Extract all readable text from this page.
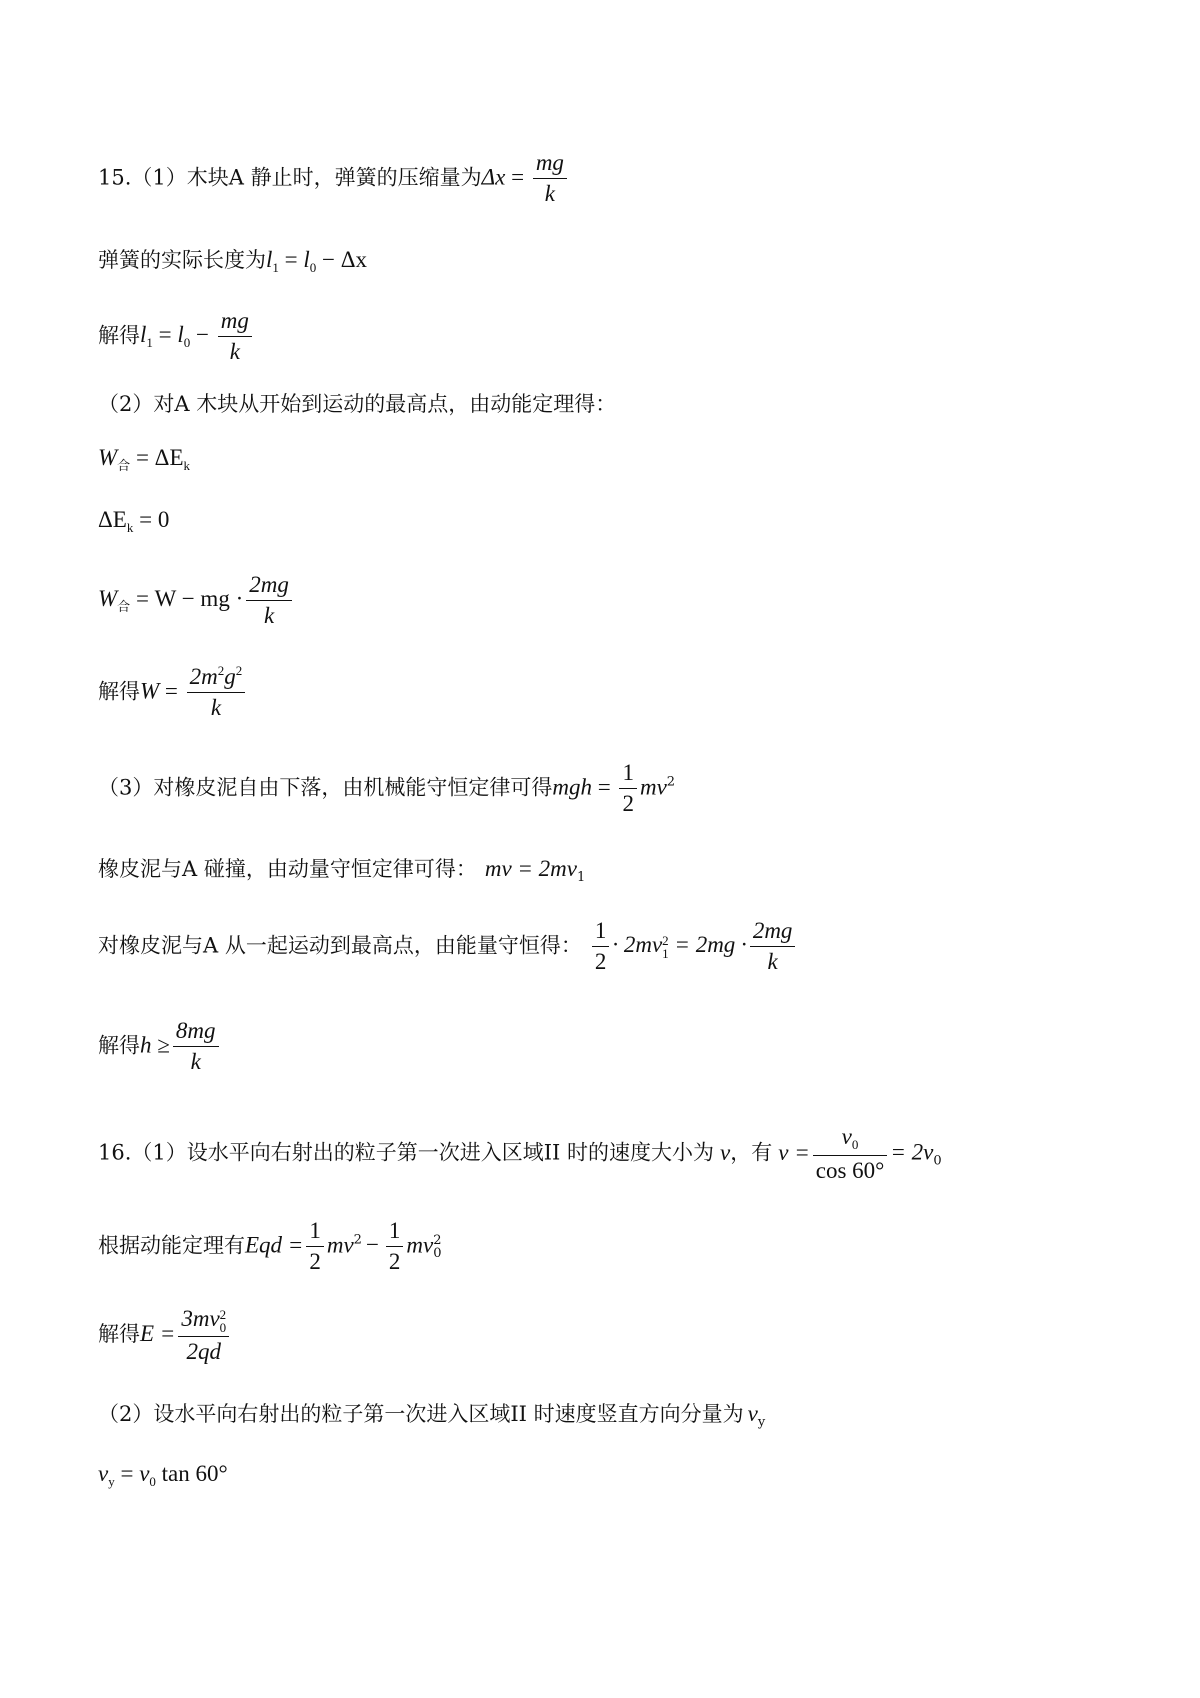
15.（1）木块A 静止时，弹簧的压缩量为$\Delta x = \frac{mg}{k}$
弹簧的实际长度为$l_1 = l_0 - \Delta x$
解得$l_1 = l_0 - \frac{mg}{k}$
（2）对A 木块从开始到运动的最高点，由动能定理得：
$W_合 = \Delta E_k$
$\Delta E_k = 0$
$W_合 = W$ − mg · $\frac{2mg}{k}$
解得$W = \frac{2m^2g^2}{k}$
（3）对橡皮泥自由下落，由机械能守恒定律可得mgh = $\frac{1}{2} mv^2$
橡皮泥与A 碰撞，由动量守恒定律可得： mv = $2mv_1$
对橡皮泥与A 从一起运动到最高点，由能量守恒得： $\frac{1}{2} \cdot 2mv$ 2
$1 = 2mg \cdot \frac{2mg}{k}$
解得$h \ge \frac{8mg}{k}$
16.（1）设水平向右射出的粒子第一次进入区域II 时的速度大小为 v，有 $v = \frac{v_0}{\cos 60^\circ} = 2v_0$
根据动能定理有Eqd = $\frac{1}{2} mv^2 - \frac{1}{2}$ mv 2
0
解得E = 3mv 2
0
2qd
（2）设水平向右射出的粒子第一次进入区域II 时速度竖直方向分量为 $v_y$
$v_y = v_0$ tan 60°
